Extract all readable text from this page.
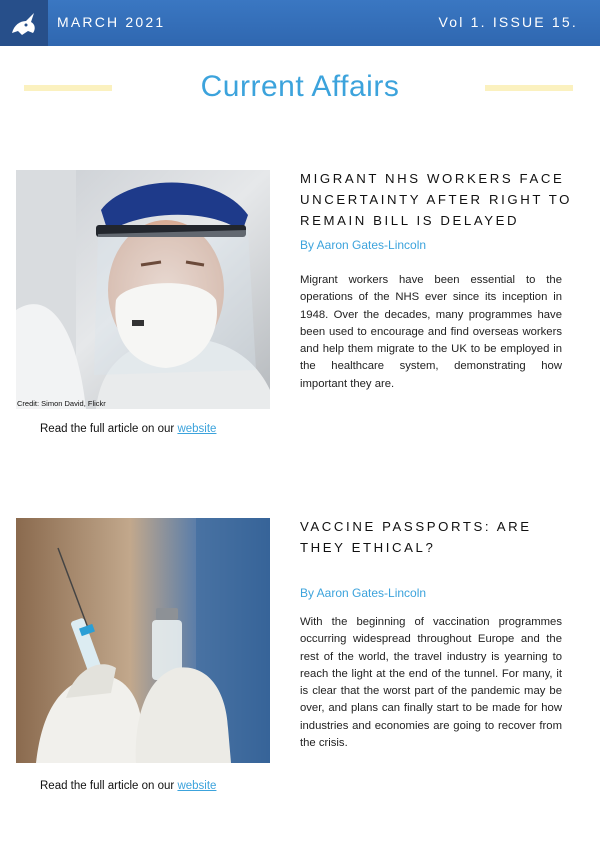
MARCH 2021	Vol 1. ISSUE 15.
Current Affairs
Credit: Simon David, Flickr
MIGRANT NHS WORKERS FACE UNCERTAINTY AFTER RIGHT TO REMAIN BILL IS DELAYED
By Aaron Gates-Lincoln
Migrant workers have been essential to the operations of the NHS ever since its inception in 1948. Over the decades, many programmes have been used to encourage and find overseas workers and help them migrate to the UK to be employed in the healthcare system, demonstrating how important they are.
Read the full article on our website
VACCINE PASSPORTS: ARE THEY ETHICAL?
By Aaron Gates-Lincoln
With the beginning of vaccination programmes occurring widespread throughout Europe and the rest of the world, the travel industry is yearning to reach the light at the end of the tunnel. For many, it is clear that the worst part of the pandemic may be over, and plans can finally start to be made for how industries and economies are going to recover from the crisis.
Read the full article on our website
